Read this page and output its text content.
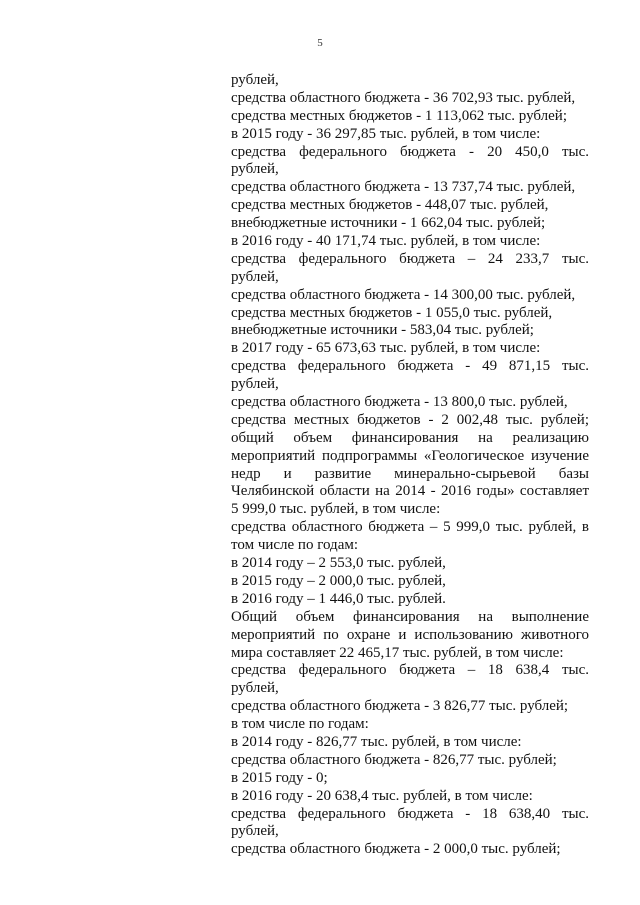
5
рублей,
средства областного бюджета - 36 702,93 тыс. рублей,
средства местных бюджетов - 1 113,062 тыс. рублей;
в 2015 году - 36 297,85 тыс. рублей, в том числе:
средства федерального бюджета - 20 450,0 тыс.
рублей,
средства областного бюджета - 13 737,74 тыс. рублей,
средства местных бюджетов - 448,07 тыс. рублей,
внебюджетные источники - 1 662,04 тыс. рублей;
в 2016 году - 40 171,74 тыс. рублей, в том числе:
средства федерального бюджета – 24 233,7 тыс.
рублей,
средства областного бюджета - 14 300,00 тыс. рублей,
средства местных бюджетов - 1 055,0 тыс. рублей,
внебюджетные источники - 583,04 тыс. рублей;
в 2017 году - 65 673,63 тыс. рублей, в том числе:
средства федерального бюджета - 49 871,15 тыс.
рублей,
средства областного бюджета - 13 800,0 тыс. рублей,
средства местных бюджетов - 2 002,48 тыс. рублей;
общий объем финансирования на реализацию
мероприятий подпрограммы «Геологическое изучение
недр и развитие минерально-сырьевой базы
Челябинской области на 2014 - 2016 годы» составляет
5 999,0 тыс. рублей, в том числе:
средства областного бюджета – 5 999,0 тыс. рублей, в
том числе по годам:
в 2014 году – 2 553,0 тыс. рублей,
в 2015 году – 2 000,0 тыс. рублей,
в 2016 году – 1 446,0 тыс. рублей.
Общий объем финансирования на выполнение
мероприятий по охране и использованию животного
мира составляет 22 465,17 тыс. рублей, в том числе:
средства федерального бюджета – 18 638,4 тыс.
рублей,
средства областного бюджета - 3 826,77 тыс. рублей;
в том числе по годам:
в 2014 году - 826,77 тыс. рублей, в том числе:
средства областного бюджета - 826,77 тыс. рублей;
в 2015 году - 0;
в 2016 году - 20 638,4 тыс. рублей, в том числе:
средства федерального бюджета - 18 638,40 тыс.
рублей,
средства областного бюджета - 2 000,0 тыс. рублей;
